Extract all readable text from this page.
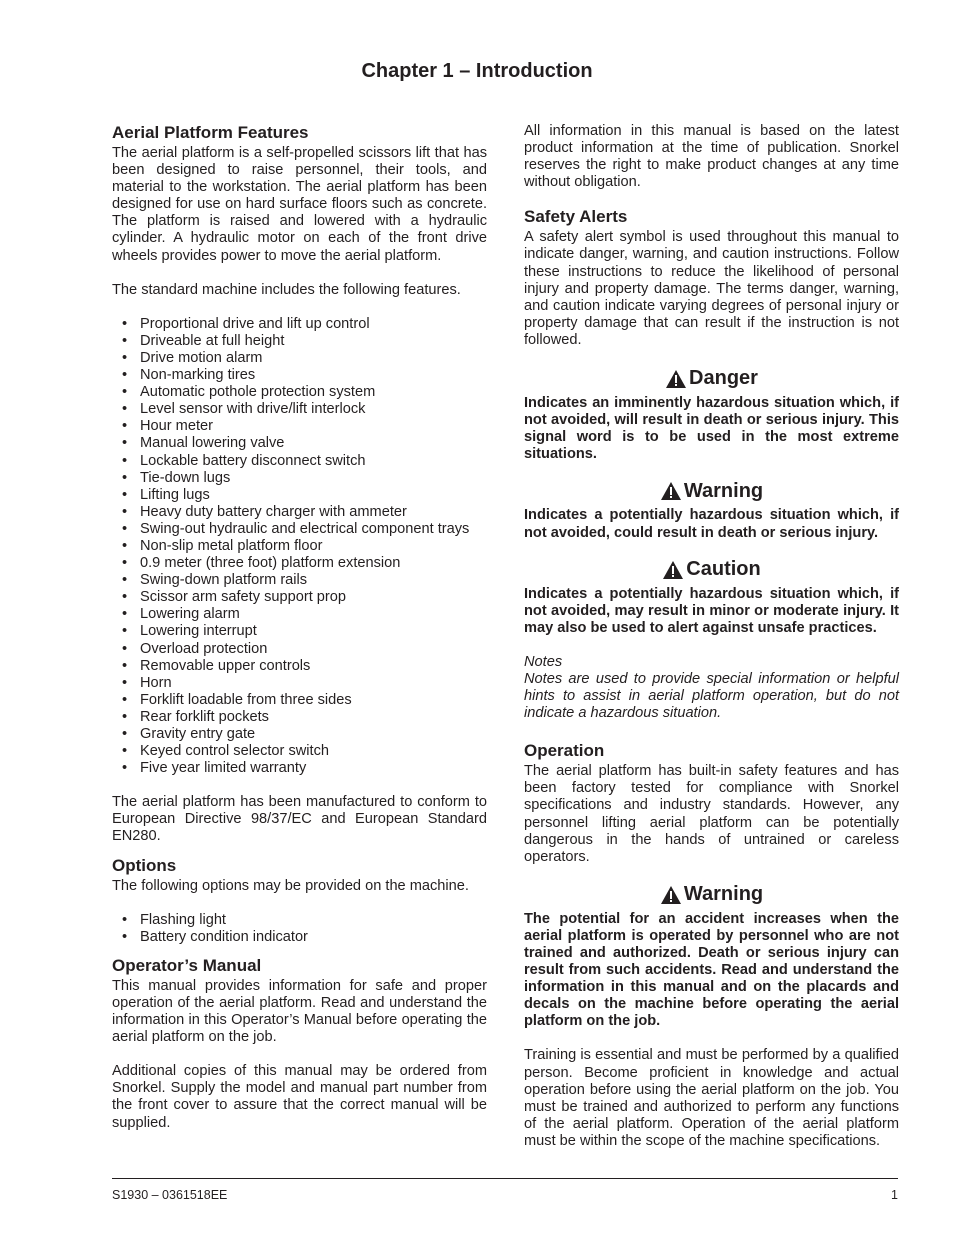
Chapter 1 – Introduction
Aerial Platform Features

The aerial platform is a self-propelled scissors lift that has been designed to raise personnel, their tools, and material to the workstation. The aerial platform has been designed for use on hard surface floors such as concrete. The platform is raised and lowered with a hydraulic cylinder. A hydraulic motor on each of the front drive wheels provides power to move the aerial platform.

The standard machine includes the following features.

• Proportional drive and lift up control
• Driveable at full height
• Drive motion alarm
• Non-marking tires
• Automatic pothole protection system
• Level sensor with drive/lift interlock
• Hour meter
• Manual lowering valve
• Lockable battery disconnect switch
• Tie-down lugs
• Lifting lugs
• Heavy duty battery charger with ammeter
• Swing-out hydraulic and electrical component trays
• Non-slip metal platform floor
• 0.9 meter (three foot) platform extension
• Swing-down platform rails
• Scissor arm safety support prop
• Lowering alarm
• Lowering interrupt
• Overload protection
• Removable upper controls
• Horn
• Forklift loadable from three sides
• Rear forklift pockets
• Gravity entry gate
• Keyed control selector switch
• Five year limited warranty

The aerial platform has been manufactured to conform to European Directive 98/37/EC and European Standard EN280.

Options

The following options may be provided on the machine.

• Flashing light
• Battery condition indicator
Operator’s Manual

This manual provides information for safe and proper operation of the aerial platform. Read and understand the information in this Operator’s Manual before operating the aerial platform on the job.

Additional copies of this manual may be ordered from Snorkel. Supply the model and manual part number from the front cover to assure that the correct manual will be supplied.

All information in this manual is based on the latest product information at the time of publication. Snorkel reserves the right to make product changes at any time without obligation.

Safety Alerts

A safety alert symbol is used throughout this manual to indicate danger, warning, and caution instructions. Follow these instructions to reduce the likelihood of personal injury and property damage. The terms danger, warning, and caution indicate varying degrees of personal injury or property damage that can result if the instruction is not followed.

Danger

Indicates an imminently hazardous situation which, if not avoided, will result in death or serious injury. This signal word is to be used in the most extreme situations.

Warning

Indicates a potentially hazardous situation which, if not avoided, could result in death or serious injury.

Caution

Indicates a potentially hazardous situation which, if not avoided, may result in minor or moderate injury. It may also be used to alert against unsafe practices.

Notes

Notes are used to provide special information or helpful hints to assist in aerial platform operation, but do not indicate a hazardous situation.

Operation

The aerial platform has built-in safety features and has been factory tested for compliance with Snorkel specifications and industry standards. However, any personnel lifting aerial platform can be potentially dangerous in the hands of untrained or careless operators.

Warning

The potential for an accident increases when the aerial platform is operated by personnel who are not trained and authorized. Death or serious injury can result from such accidents. Read and understand the information in this manual and on the placards and decals on the machine before operating the aerial platform on the job.

Training is essential and must be performed by a qualified person. Become proficient in knowledge and actual operation before using the aerial platform on the job. You must be trained and authorized to perform any functions of the aerial platform. Operation of the aerial platform must be within the scope of the machine specifications.

S1930 – 0361518EE	1
